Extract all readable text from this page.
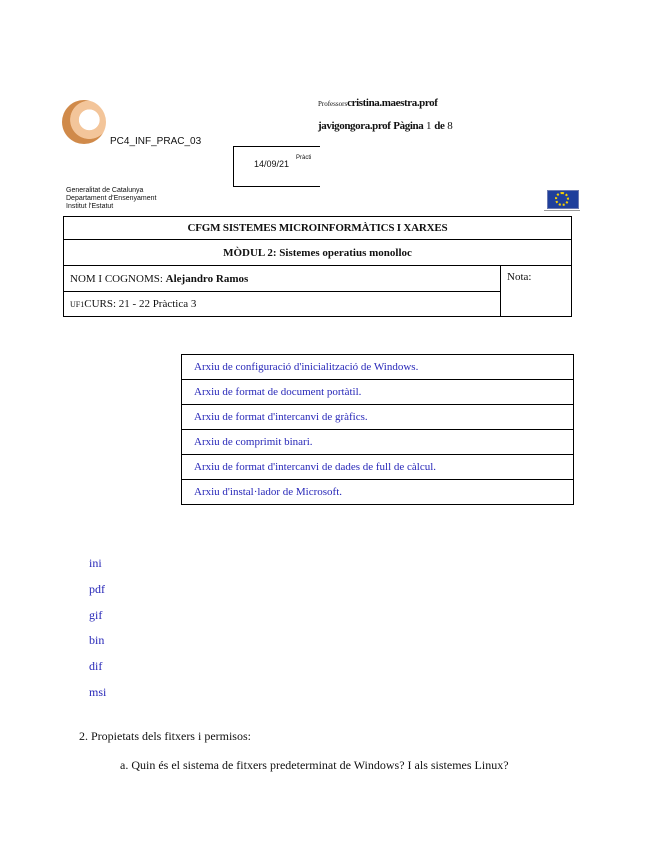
PC4_INF_PRAC_03
Professorscristina.maestra.prof
javigongora.prof Pàgina 1 de 8
14/09/21
Pràcti
Generalitat de Catalunya
Departament d'Ensenyament
Institut l'Estatut
CFGM SISTEMES MICROINFORMÀTICS I XARXES
MÒDUL 2: Sistemes operatius monolloc
NOM I COGNOMS: Alejandro Ramos	Nota:
UF1CURS: 21 - 22 Pràctica 3
Arxiu de configuració d'inicialització de Windows.
Arxiu de format de document portàtil.
Arxiu de format d'intercanvi de gràfics.
Arxiu de comprimit binari.
Arxiu de format d'intercanvi de dades de full de càlcul.
Arxiu d'instal·lador de Microsoft.
ini
pdf
gif
bin
dif
msi
2. Propietats dels fitxers i permisos:
a. Quin és el sistema de fitxers predeterminat de Windows? I als sistemes Linux?
